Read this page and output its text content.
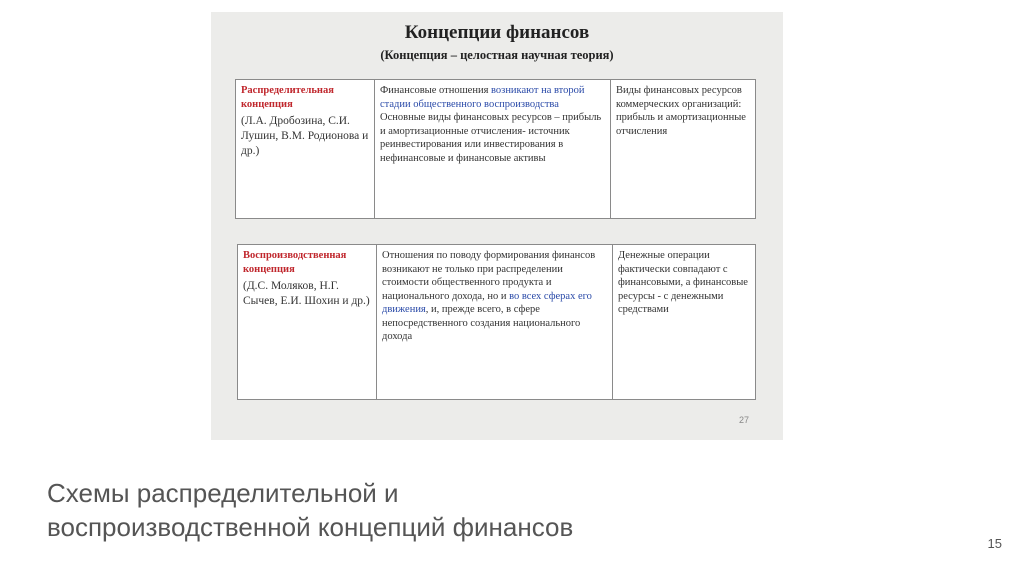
Концепции финансов
(Концепция – целостная научная теория)
Распределительная
концепция
(Л.А. Дробозина, С.И. Лушин, В.М. Родионова и др.)
	Финансовые отношения возникают на второй стадии общественного воспроизводства
Основные виды финансовых ресурсов – прибыль и амортизационные отчисления- источник реинвестирования или инвестирования в нефинансовые и финансовые активы	Виды финансовых ресурсов коммерческих организаций: прибыль и амортизационные отчисления
Воспроизводственная
концепция
(Д.С. Моляков, Н.Г. Сычев, Е.И. Шохин и др.)
	Отношения по поводу формирования финансов возникают не только при распределении стоимости общественного продукта и национального дохода, но и во всех сферах его движения, и, прежде всего, в сфере непосредственного создания национального дохода	Денежные операции фактически совпадают с финансовыми, а финансовые ресурсы - с денежными средствами
27
Схемы распределительной и
воспроизводственной концепций финансов
15
